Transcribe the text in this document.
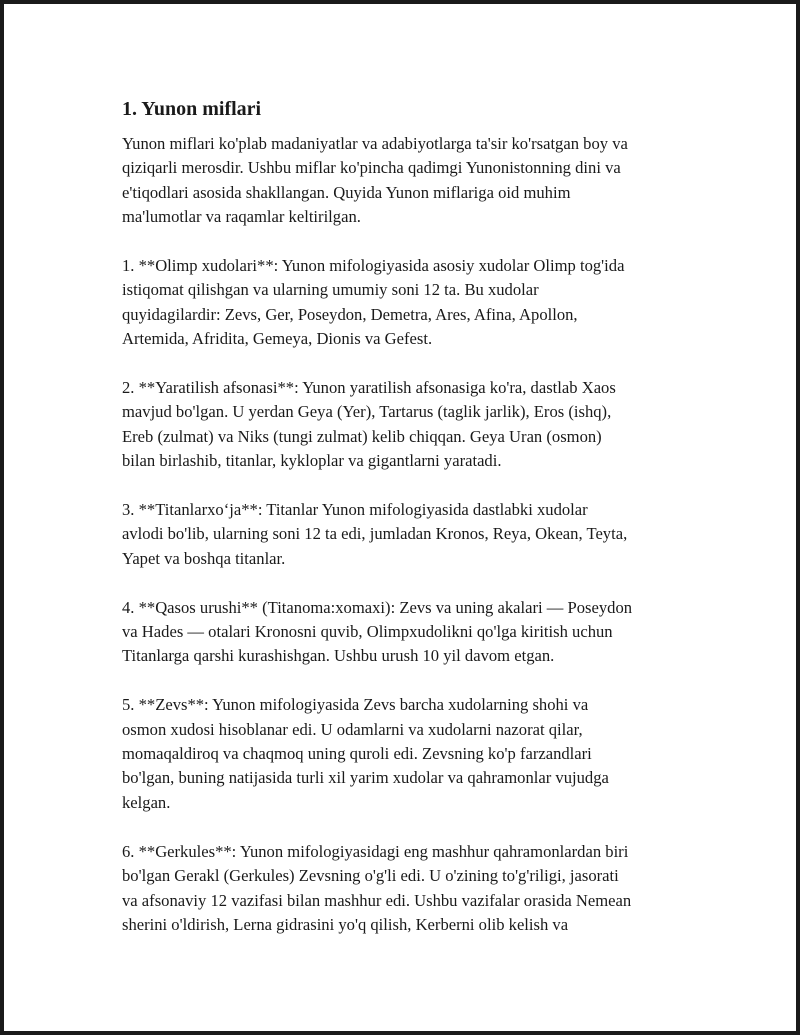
1. Yunon miflari

Yunon miflari ko'plab madaniyatlar va adabiyotlarga ta'sir ko'rsatgan boy va
qiziqarli merosdir. Ushbu miflar ko'pincha qadimgi Yunonistonning dini va
e'tiqodlari asosida shakllangan. Quyida Yunon miflariga oid muhim
ma'lumotlar va raqamlar keltirilgan.

1. **Olimp xudolari**: Yunon mifologiyasida asosiy xudolar Olimp tog'ida
istiqomat qilishgan va ularning umumiy soni 12 ta. Bu xudolar
quyidagilardir: Zevs, Ger, Poseydon, Demetra, Ares, Afina, Apollon,
Artemida, Afridita, Gemeya, Dionis va Gefest.

2. **Yaratilish afsonasi**: Yunon yaratilish afsonasiga ko'ra, dastlab Xaos
mavjud bo'lgan. U yerdan Geya (Yer), Tartarus (taglik jarlik), Eros (ishq),
Ereb (zulmat) va Niks (tungi zulmat) kelib chiqqan. Geya Uran (osmon)
bilan birlashib, titanlar, kykloplar va gigantlarni yaratadi.

3. **Titanlarxo‘ja**: Titanlar Yunon mifologiyasida dastlabki xudolar
avlodi bo'lib, ularning soni 12 ta edi, jumladan Kronos, Reya, Okean, Teyta,
Yapet va boshqa titanlar.

4. **Qasos urushi** (Titanoma:xomaxi): Zevs va uning akalari — Poseydon
va Hades — otalari Kronosni quvib, Olimpxudolikni qo'lga kiritish uchun
Titanlarga qarshi kurashishgan. Ushbu urush 10 yil davom etgan.

5. **Zevs**: Yunon mifologiyasida Zevs barcha xudolarning shohi va
osmon xudosi hisoblanar edi. U odamlarni va xudolarni nazorat qilar,
momaqaldiroq va chaqmoq uning quroli edi. Zevsning ko'p farzandlari
bo'lgan, buning natijasida turli xil yarim xudolar va qahramonlar vujudga
kelgan.

6. **Gerkules**: Yunon mifologiyasidagi eng mashhur qahramonlardan biri
bo'lgan Gerakl (Gerkules) Zevsning o'g'li edi. U o'zining to'g'riligi, jasorati
va afsonaviy 12 vazifasi bilan mashhur edi. Ushbu vazifalar orasida Nemean
sherini o'ldirish, Lerna gidrasini yo'q qilish, Kerberni olib kelish va
